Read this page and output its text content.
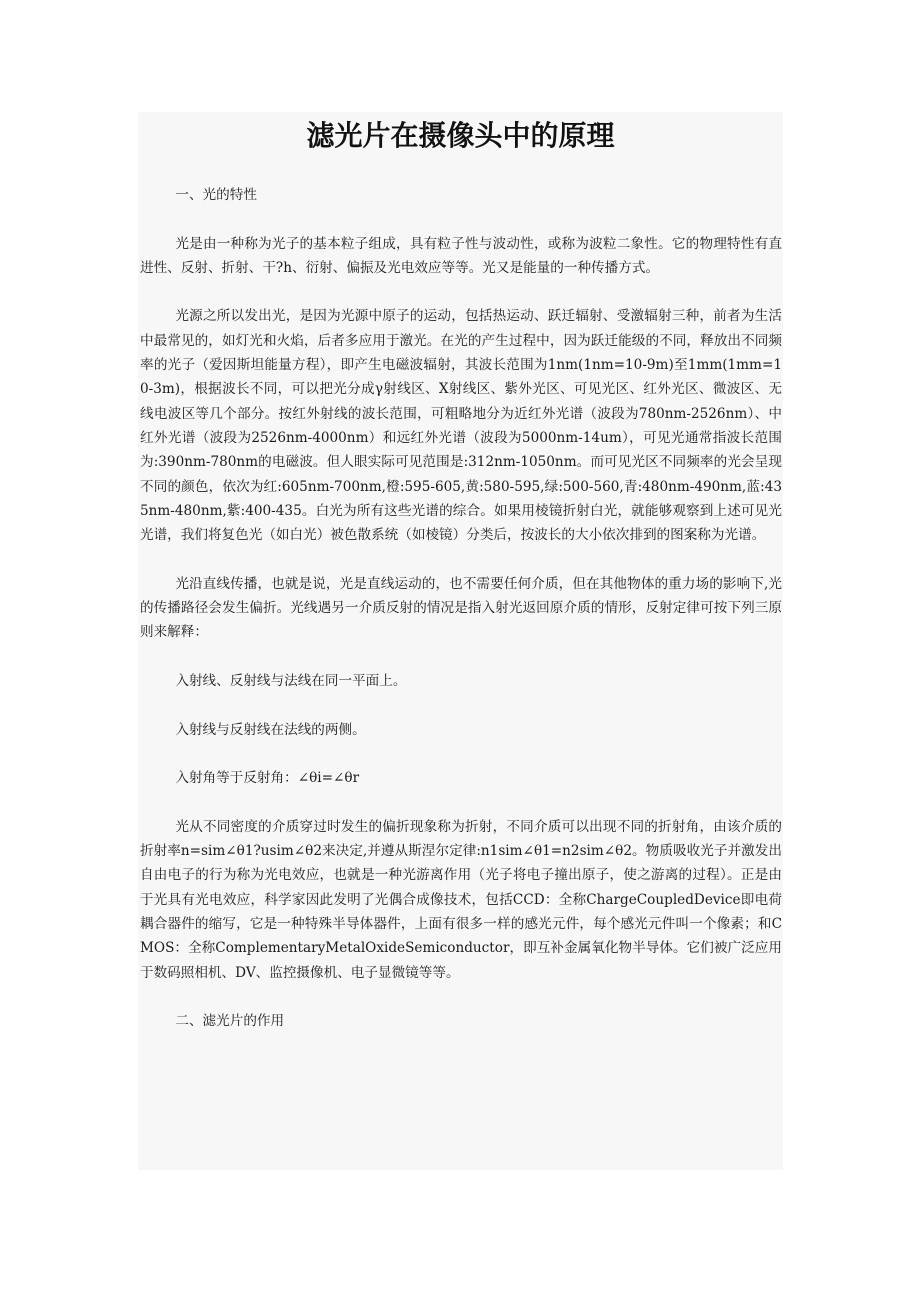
滤光片在摄像头中的原理

一、光的特性

光是由一种称为光子的基本粒子组成，具有粒子性与波动性，或称为波粒二象性。它的物理特性有直进性、反射、折射、干?h、衍射、偏振及光电效应等等。光又是能量的一种传播方式。

光源之所以发出光，是因为光源中原子的运动，包括热运动、跃迁辐射、受激辐射三种，前者为生活中最常见的，如灯光和火焰，后者多应用于激光。在光的产生过程中，因为跃迁能级的不同，释放出不同频率的光子（爱因斯坦能量方程），即产生电磁波辐射，其波长范围为1nm(1nm=10-9m)至1mm(1mm=10-3m)，根据波长不同，可以把光分成γ射线区、X射线区、紫外光区、可见光区、红外光区、微波区、无线电波区等几个部分。按红外射线的波长范围，可粗略地分为近红外光谱（波段为780nm-2526nm）、中红外光谱（波段为2526nm-4000nm）和远红外光谱（波段为5000nm-14um），可见光通常指波长范围为:390nm-780nm的电磁波。但人眼实际可见范围是:312nm-1050nm。而可见光区不同频率的光会呈现不同的颜色，依次为红:605nm-700nm,橙:595-605,黄:580-595,绿:500-560,青:480nm-490nm,蓝:435nm-480nm,紫:400-435。白光为所有这些光谱的综合。如果用棱镜折射白光，就能够观察到上述可见光光谱，我们将复色光（如白光）被色散系统（如棱镜）分类后，按波长的大小依次排到的图案称为光谱。

光沿直线传播，也就是说，光是直线运动的，也不需要任何介质，但在其他物体的重力场的影响下,光的传播路径会发生偏折。光线遇另一介质反射的情况是指入射光返回原介质的情形，反射定律可按下列三原则来解释：

入射线、反射线与法线在同一平面上。

入射线与反射线在法线的两侧。

入射角等于反射角：∠θi=∠θr

光从不同密度的介质穿过时发生的偏折现象称为折射，不同介质可以出现不同的折射角，由该介质的折射率n=sim∠θ1?usim∠θ2来决定,并遵从斯涅尔定律:n1sim∠θ1=n2sim∠θ2。物质吸收光子并激发出自由电子的行为称为光电效应，也就是一种光游离作用（光子将电子撞出原子，使之游离的过程）。正是由于光具有光电效应，科学家因此发明了光偶合成像技术，包括CCD：全称ChargeCoupledDevice即电荷耦合器件的缩写，它是一种特殊半导体器件，上面有很多一样的感光元件，每个感光元件叫一个像素；和CMOS：全称ComplementaryMetalOxideSemiconductor，即互补金属氧化物半导体。它们被广泛应用于数码照相机、DV、监控摄像机、电子显微镜等等。

二、滤光片的作用
